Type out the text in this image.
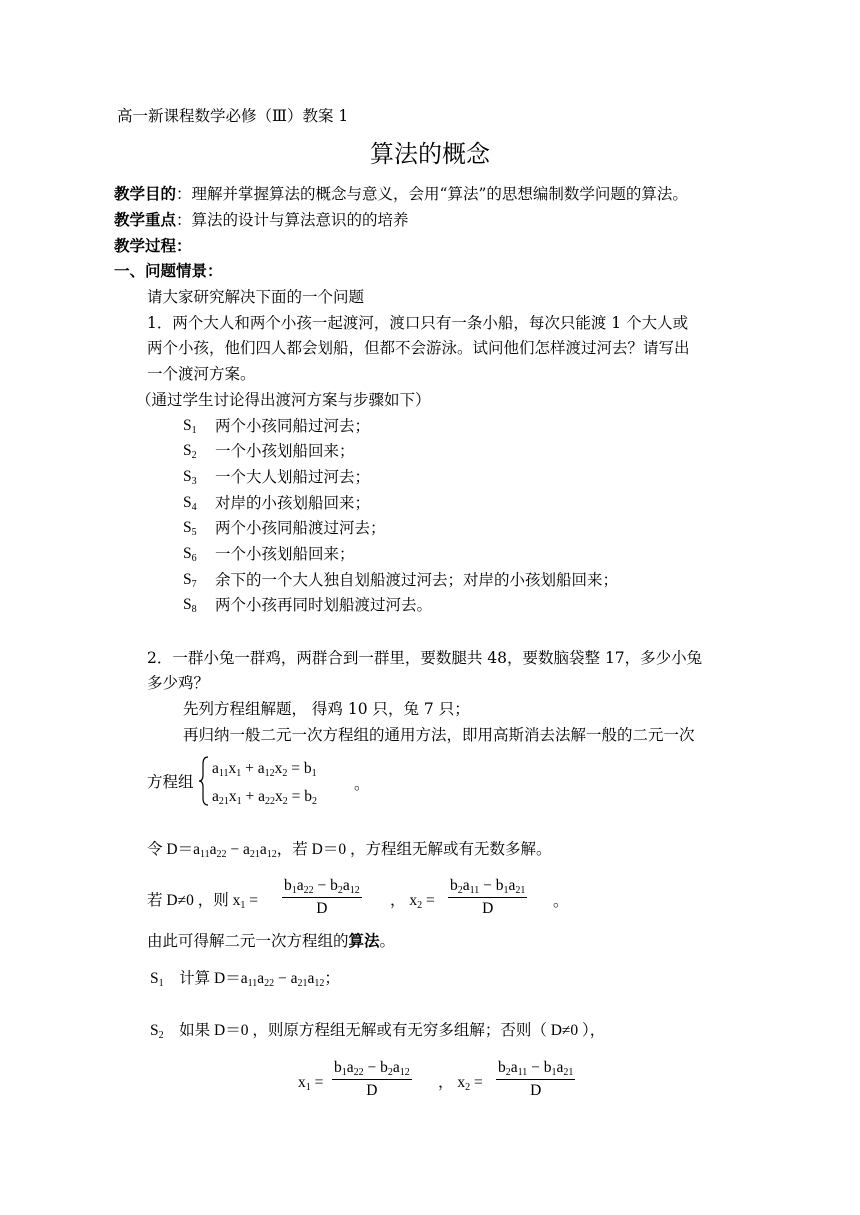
高一新课程数学必修（Ⅲ）教案 1
算法的概念
教学目的：理解并掌握算法的概念与意义，会用“算法”的思想编制数学问题的算法。
教学重点：算法的设计与算法意识的的培养
教学过程：
一、问题情景：
请大家研究解决下面的一个问题
1．两个大人和两个小孩一起渡河，渡口只有一条小船，每次只能渡 1 个大人或
两个小孩，他们四人都会划船，但都不会游泳。试问他们怎样渡过河去？请写出
一个渡河方案。
（通过学生讨论得出渡河方案与步骤如下）
$S_1$ 两个小孩同船过河去；
$S_2$ 一个小孩划船回来；
$S_3$ 一个大人划船过河去；
$S_4$ 对岸的小孩划船回来；
$S_5$ 两个小孩同船渡过河去；
$S_6$ 一个小孩划船回来；
$S_7$ 余下的一个大人独自划船渡过河去；对岸的小孩划船回来；
$S_8$ 两个小孩再同时划船渡过河去。
2．一群小兔一群鸡，两群合到一群里，要数腿共 48，要数脑袋整 17，多少小兔
多少鸡？
先列方程组解题， 得鸡 10 只，兔 7 只；
再归纳一般二元一次方程组的通用方法，即用高斯消去法解一般的二元一次
方程组
$a_{11}x_1 + a_{12}x_2 = b_1$
$a_{21}x_1 + a_{22}x_2 = b_2$
。
令 $D=a_{11}a_{22} - a_{21}a_{12}$，若 D＝0 ，方程组无解或有无数多解。
若 D≠0 ，则 $x_1 = \frac{b_1a_{22} - b_2a_{12}}{D}$ ， $x_2 = \frac{b_2a_{11} - b_1a_{21}}{D}$ 。
由此可得解二元一次方程组的算法。
$S_1$ 计算 $D=a_{11}a_{22} - a_{21}a_{12}$；
$S_2$ 如果 D＝0 ，则原方程组无解或有无穷多组解；否则（ D≠0 ），
$x_1 = \frac{b_1a_{22} - b_2a_{12}}{D}$ ， $x_2 = \frac{b_2a_{11} - b_1a_{21}}{D}$
